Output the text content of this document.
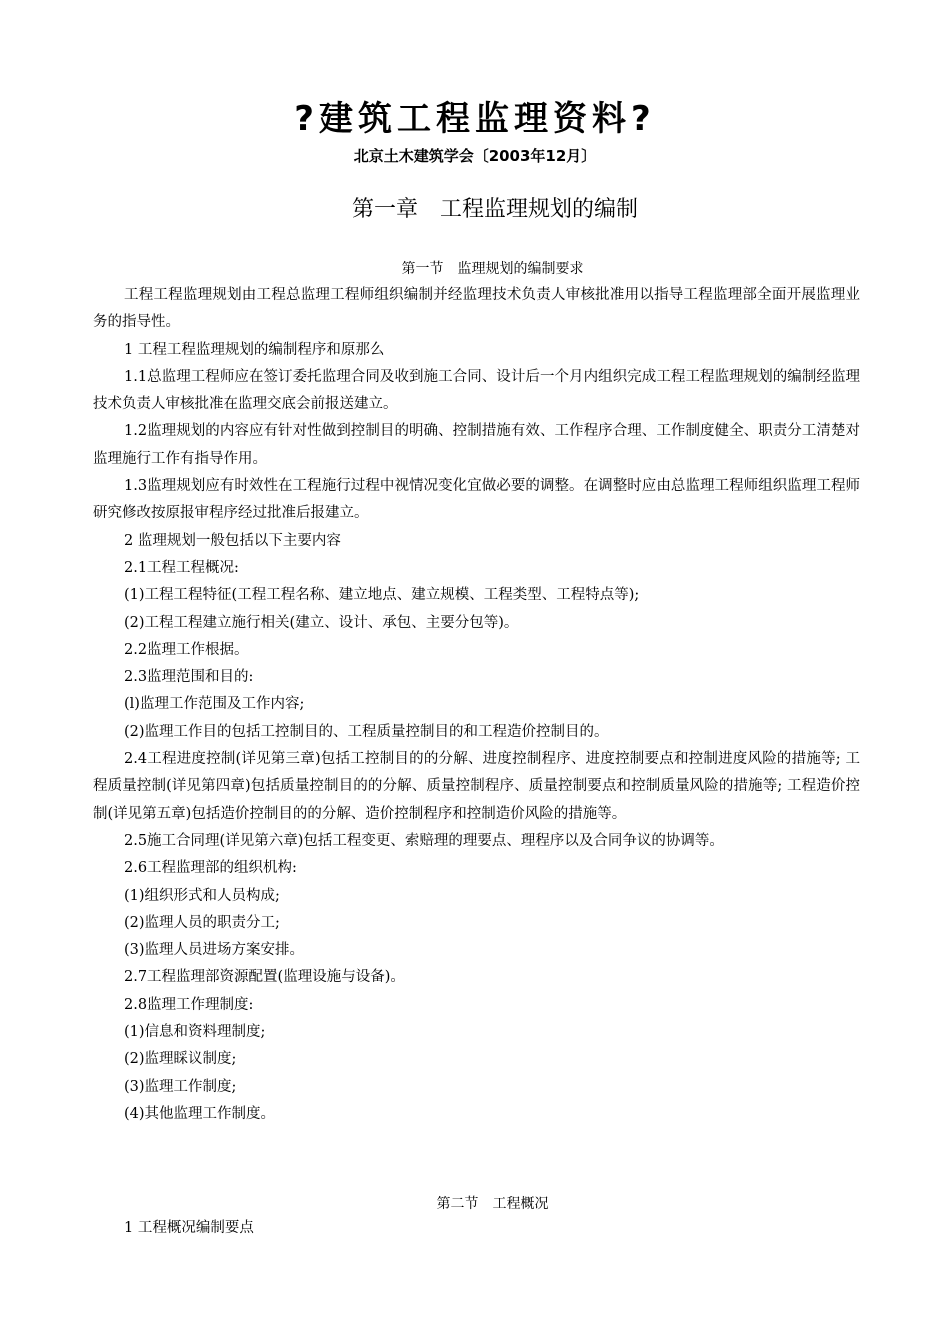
?建筑工程监理资料?
北京土木建筑学会〔2003年12月〕
第一章　工程监理规划的编制
第一节　监理规划的编制要求

工程工程监理规划由工程总监理工程师组织编制并经监理技术负责人审核批准用以指导工程监理部全面开展监理业务的指导性。

1 工程工程监理规划的编制程序和原那么

1.1总监理工程师应在签订委托监理合同及收到施工合同、设计后一个月内组织完成工程工程监理规划的编制经监理技术负责人审核批准在监理交底会前报送建立。

1.2监理规划的内容应有针对性做到控制目的明确、控制措施有效、工作程序合理、工作制度健全、职责分工清楚对监理施行工作有指导作用。

1.3监理规划应有时效性在工程施行过程中视情况变化宜做必要的调整。在调整时应由总监理工程师组织监理工程师研究修改按原报审程序经过批准后报建立。

2 监理规划一般包括以下主要内容

2.1工程工程概况:

(1)工程工程特征(工程工程名称、建立地点、建立规模、工程类型、工程特点等);

(2)工程工程建立施行相关(建立、设计、承包、主要分包等)。

2.2监理工作根据。

2.3监理范围和目的:

(l)监理工作范围及工作内容;

(2)监理工作目的包括工控制目的、工程质量控制目的和工程造价控制目的。

2.4工程进度控制(详见第三章)包括工控制目的的分解、进度控制程序、进度控制要点和控制进度风险的措施等; 工程质量控制(详见第四章)包括质量控制目的的分解、质量控制程序、质量控制要点和控制质量风险的措施等; 工程造价控制(详见第五章)包括造价控制目的的分解、造价控制程序和控制造价风险的措施等。

2.5施工合同理(详见第六章)包括工程变更、索赔理的理要点、理程序以及合同争议的协调等。

2.6工程监理部的组织机构:

(1)组织形式和人员构成;

(2)监理人员的职责分工;

(3)监理人员进场方案安排。

2.7工程监理部资源配置(监理设施与设备)。

2.8监理工作理制度:

(1)信息和资料理制度;

(2)监理睬议制度;

(3)监理工作制度;

(4)其他监理工作制度。

第二节　工程概况

1 工程概况编制要点
